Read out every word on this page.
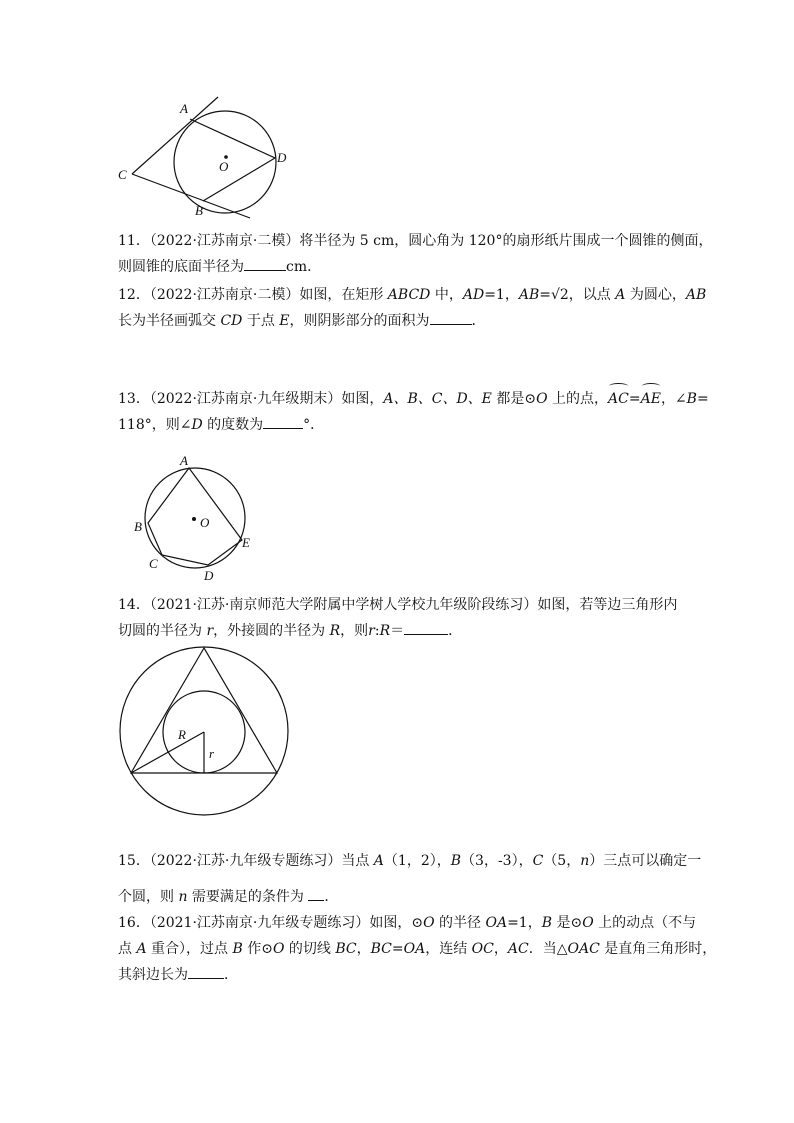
A
B
C
D
O
11．（2022·江苏南京·二模）将半径为 5 cm，圆心角为 120°的扇形纸片围成一个圆锥的侧面，
则圆锥的底面半径为	cm．
12．（2022·江苏南京·二模）如图，在矩形 ABCD 中，AD=1，AB=√2，以点 A 为圆心，AB
长为半径画弧交 CD 于点 E，则阴影部分的面积为	．
13．（2022·江苏南京·九年级期末）如图，A、B、C、D、E 都是⊙O 上的点，AC=AE，∠B=
118°，则∠D 的度数为	°．
A
B
C
D
E
O
14．（2021·江苏·南京师范大学附属中学树人学校九年级阶段练习）如图，若等边三角形内
切圆的半径为 r，外接圆的半径为 R，则r:R＝	．
R
r
15．（2022·江苏·九年级专题练习）当点 A（1，2），B（3，-3），C（5，n）三点可以确定一
个圆，则 n 需要满足的条件为 ．
16．（2021·江苏南京·九年级专题练习）如图，⊙O 的半径 OA=1，B 是⊙O 上的动点（不与
点 A 重合），过点 B 作⊙O 的切线 BC，BC=OA，连结 OC，AC．当△OAC 是直角三角形时，
其斜边长为	．
